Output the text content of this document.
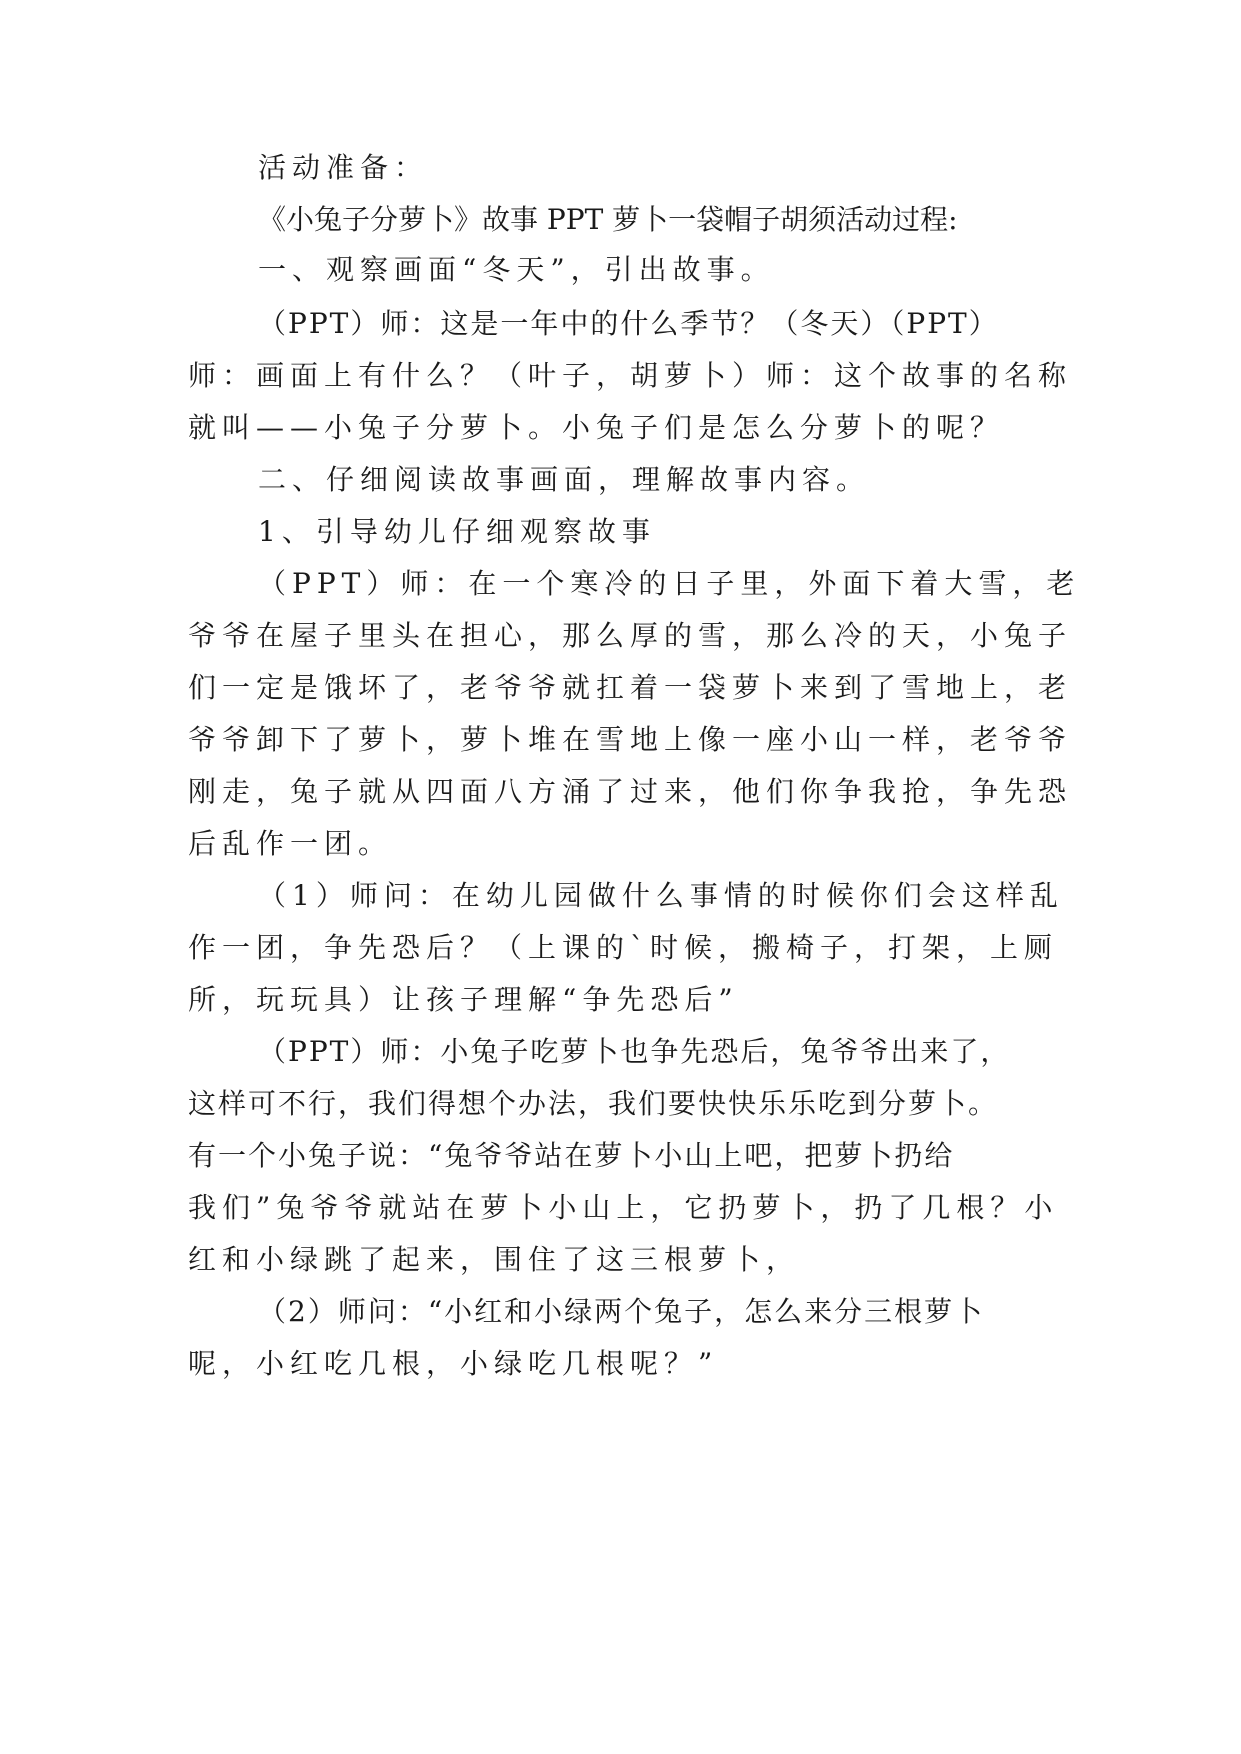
活动准备：
《小兔子分萝卜》故事 PPT 萝卜一袋帽子胡须活动过程:
一、观察画面“冬天”，引出故事。
（PPT）师：这是一年中的什么季节？（冬天）（PPT）
师：画面上有什么？（叶子，胡萝卜）师：这个故事的名称
就叫——小兔子分萝卜。小兔子们是怎么分萝卜的呢？
二、仔细阅读故事画面，理解故事内容。
1、引导幼儿仔细观察故事
（PPT）师：在一个寒冷的日子里，外面下着大雪，老
爷爷在屋子里头在担心，那么厚的雪，那么冷的天，小兔子
们一定是饿坏了，老爷爷就扛着一袋萝卜来到了雪地上，老
爷爷卸下了萝卜，萝卜堆在雪地上像一座小山一样，老爷爷
刚走，兔子就从四面八方涌了过来，他们你争我抢，争先恐
后乱作一团。
（1）师问：在幼儿园做什么事情的时候你们会这样乱
作一团，争先恐后？（上课的`时候，搬椅子，打架，上厕
所，玩玩具）让孩子理解“争先恐后”
（PPT）师：小兔子吃萝卜也争先恐后，兔爷爷出来了，
这样可不行，我们得想个办法，我们要快快乐乐吃到分萝卜。
有一个小兔子说：“兔爷爷站在萝卜小山上吧，把萝卜扔给
我们”兔爷爷就站在萝卜小山上，它扔萝卜，扔了几根？小
红和小绿跳了起来，围住了这三根萝卜，
（2）师问：“小红和小绿两个兔子，怎么来分三根萝卜
呢，小红吃几根，小绿吃几根呢？”
